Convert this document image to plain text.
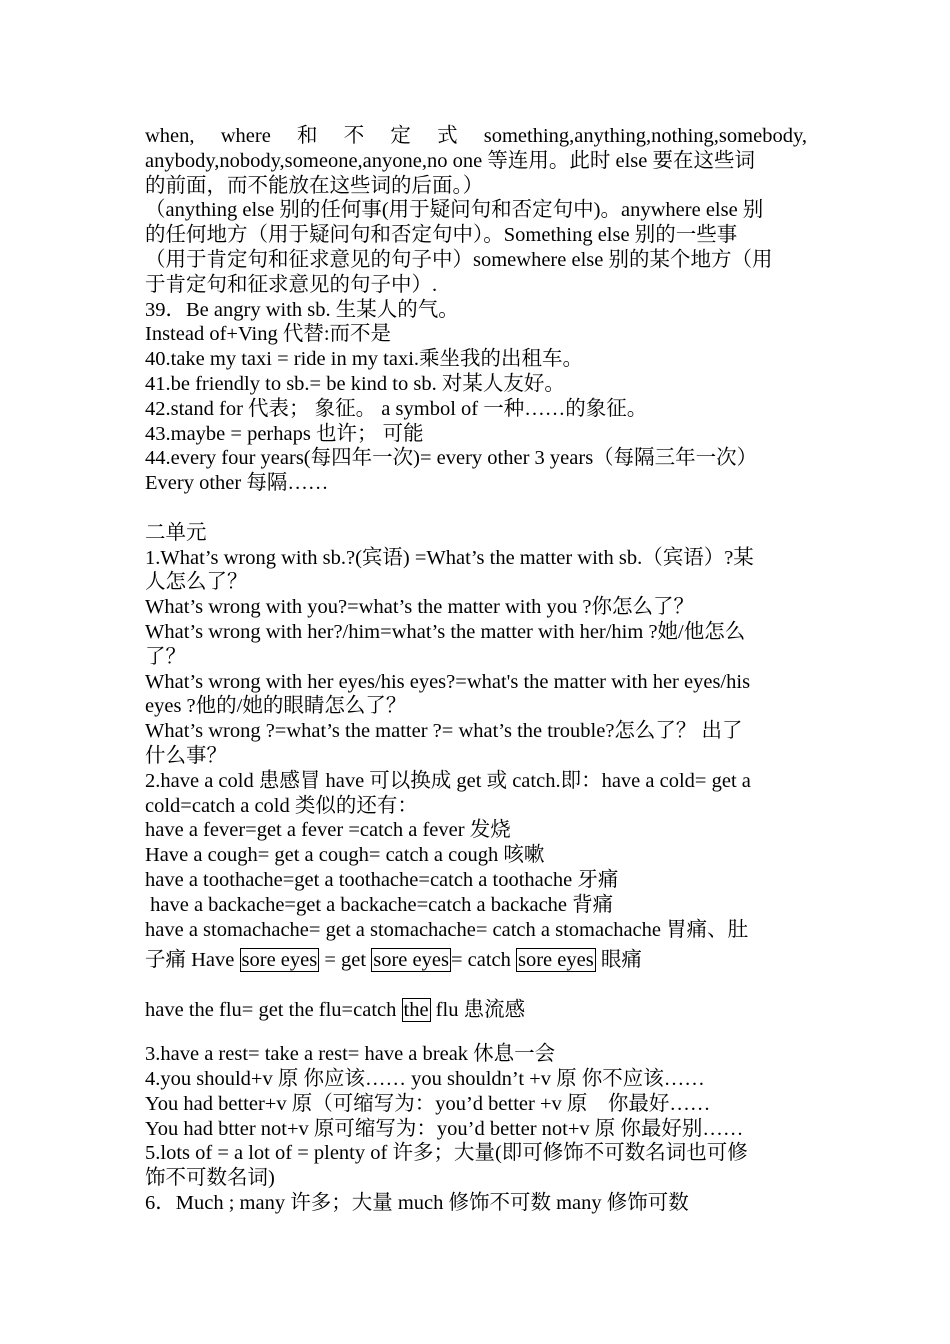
when, where 和 不 定 式 something,anything,nothing,somebody,
anybody,nobody,someone,anyone,no one 等连用。此时 else 要在这些词
的前面，而不能放在这些词的后面。）
（anything else 别的任何事(用于疑问句和否定句中)。anywhere else 别
的任何地方（用于疑问句和否定句中）。Something else 别的一些事
（用于肯定句和征求意见的句子中）somewhere else 别的某个地方（用
于肯定句和征求意见的句子中）.
39．Be angry with sb. 生某人的气。
Instead of+Ving 代替:而不是
40.take my taxi = ride in my taxi.乘坐我的出租车。
41.be friendly to sb.= be kind to sb. 对某人友好。
42.stand for 代表； 象征。 a symbol of 一种……的象征。
43.maybe = perhaps 也许； 可能
44.every four years(每四年一次)= every other 3 years（每隔三年一次）
Every other 每隔……
二单元
1.What’s wrong with sb.?(宾语) =What’s the matter with sb.（宾语）?某
人怎么了？
What’s wrong with you?=what’s the matter with you ?你怎么了？
What’s wrong with her?/him=what’s the matter with her/him ?她/他怎么
了？
What’s wrong with her eyes/his eyes?=what's the matter with her eyes/his
eyes ?他的/她的眼睛怎么了？
What’s wrong ?=what’s the matter ?= what’s the trouble?怎么了？ 出了
什么事？
2.have a cold 患感冒 have 可以换成 get 或 catch.即：have a cold= get a
cold=catch a cold 类似的还有：
have a fever=get a fever =catch a fever 发烧
Have a cough= get a cough= catch a cough 咳嗽
have a toothache=get a toothache=catch a toothache 牙痛
have a backache=get a backache=catch a backache 背痛
have a stomachache= get a stomachache= catch a stomachache 胃痛、肚
子痛 Have sore eyes = get sore eyes= catch sore eyes 眼痛
have the flu= get the flu=catch the flu 患流感
3.have a rest= take a rest= have a break 休息一会
4.you should+v 原 你应该…… you shouldn’t +v 原 你不应该……
You had better+v 原（可缩写为：you’d better +v 原　你最好……
You had btter not+v 原可缩写为：you’d better not+v 原 你最好别……
5.lots of = a lot of = plenty of 许多；大量(即可修饰不可数名词也可修
饰不可数名词)
6．Much ; many 许多；大量 much 修饰不可数 many 修饰可数
